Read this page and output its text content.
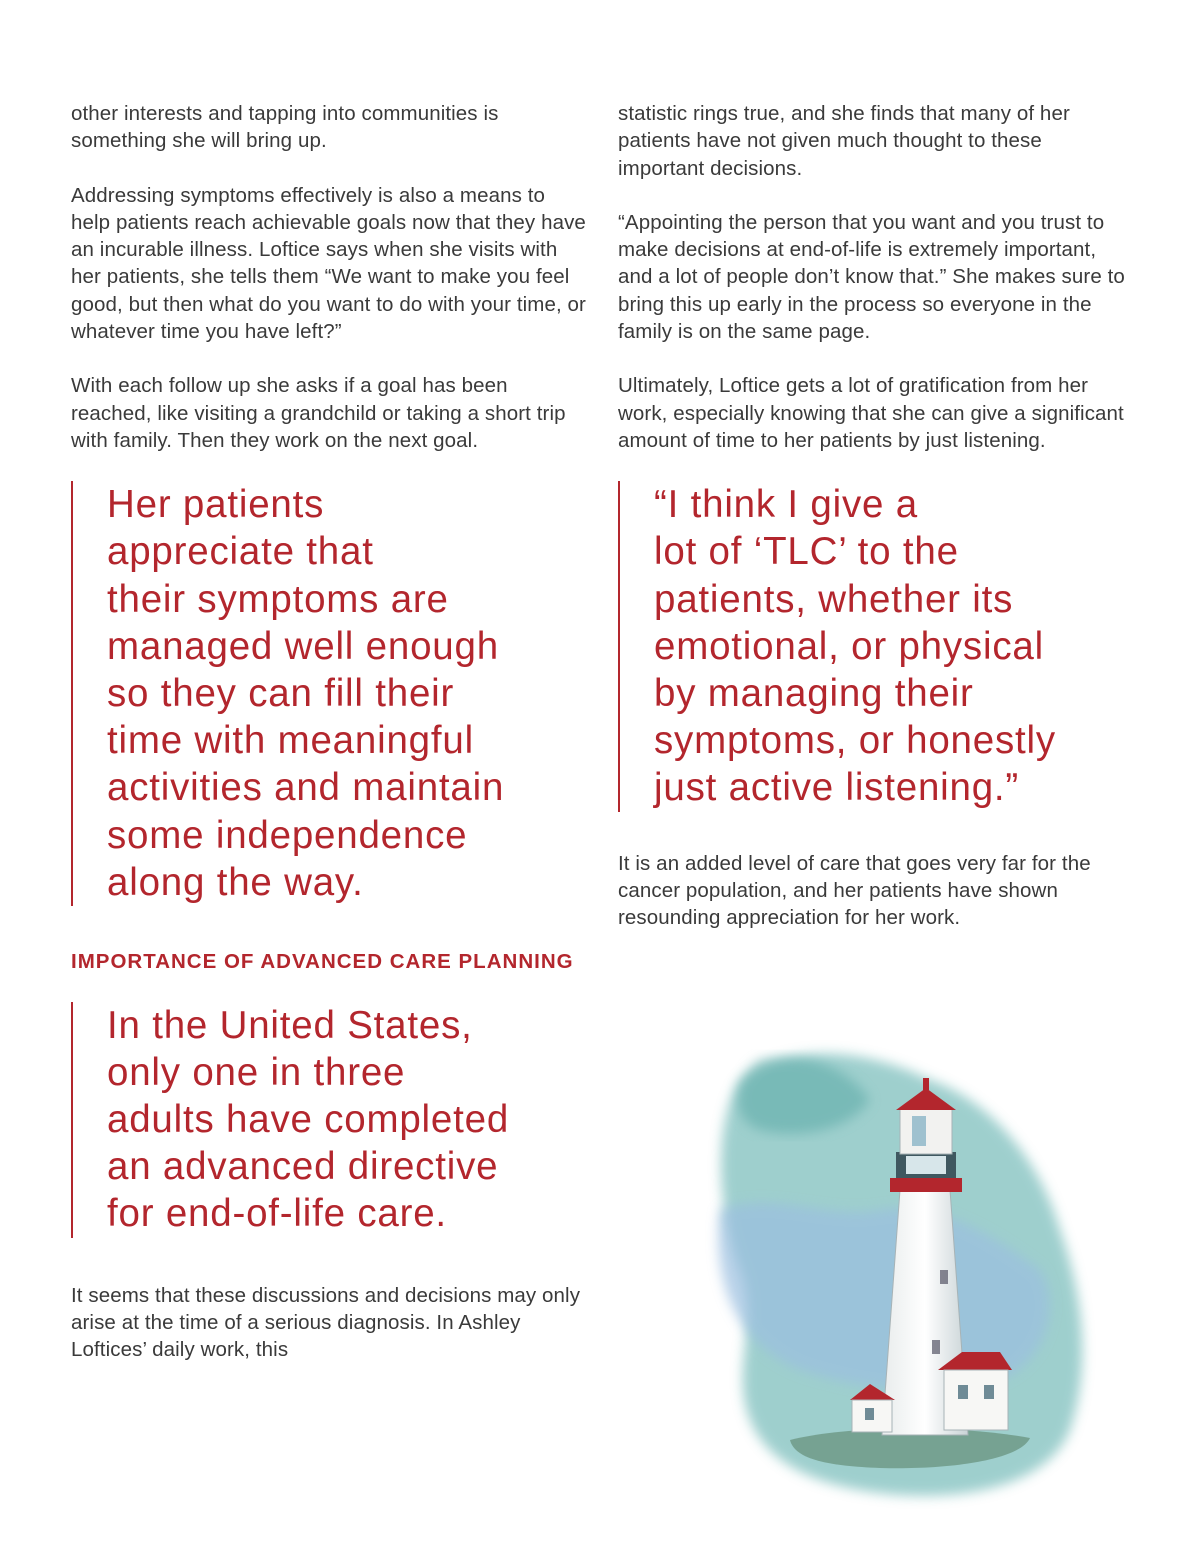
other interests and tapping into communities is something she will bring up.

Addressing symptoms effectively is also a means to help patients reach achievable goals now that they have an incurable illness. Loftice says when she visits with her patients, she tells them “We want to make you feel good, but then what do you want to do with your time, or whatever time you have left?”

With each follow up she asks if a goal has been reached, like visiting a grandchild or taking a short trip with family. Then they work on the next goal.

Her patients
appreciate that
their symptoms are
managed well enough
so they can fill their
time with meaningful
activities and maintain
some independence
along the way.
IMPORTANCE OF ADVANCED CARE PLANNING
In the United States,
only one in three
adults have completed
an advanced directive
for end-of-life care.

It seems that these discussions and decisions may only arise at the time of a serious diagnosis. In Ashley Loftices’ daily work, this

statistic rings true, and she finds that many of her patients have not given much thought to these important decisions.

“Appointing the person that you want and you trust to make decisions at end-of-life is extremely important, and a lot of people don’t know that.” She makes sure to bring this up early in the process so everyone in the family is on the same page.

Ultimately, Loftice gets a lot of gratification from her work, especially knowing that she can give a significant amount of time to her patients by just listening.

“I think I give a
lot of ‘TLC’ to the
patients, whether its
emotional, or physical
by managing their
symptoms, or honestly
just active listening.”

It is an added level of care that goes very far for the cancer population, and her patients have shown resounding appreciation for her work.
